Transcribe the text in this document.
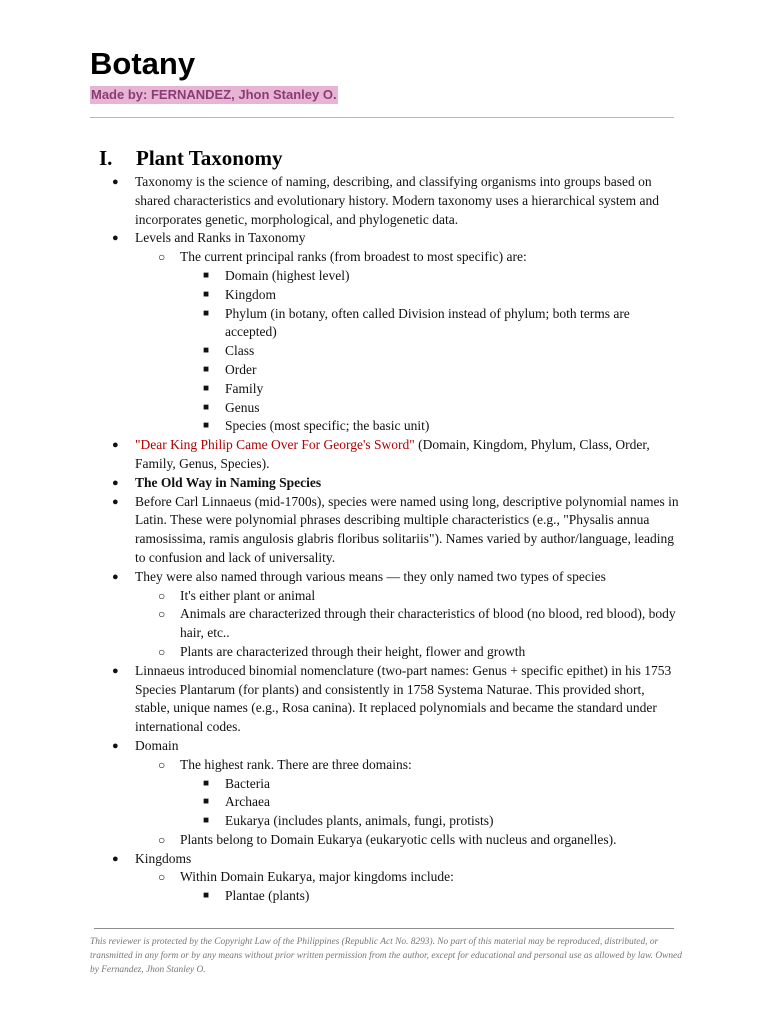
Botany
Made by: FERNANDEZ, Jhon Stanley O.
I. Plant Taxonomy
● Taxonomy is the science of naming, describing, and classifying organisms into groups based on shared characteristics and evolutionary history. Modern taxonomy uses a hierarchical system and incorporates genetic, morphological, and phylogenetic data.
● Levels and Ranks in Taxonomy
○ The current principal ranks (from broadest to most specific) are:
■ Domain (highest level)
■ Kingdom
■ Phylum (in botany, often called Division instead of phylum; both terms are accepted)
■ Class
■ Order
■ Family
■ Genus
■ Species (most specific; the basic unit)
● "Dear King Philip Came Over For George's Sword" (Domain, Kingdom, Phylum, Class, Order, Family, Genus, Species).
● The Old Way in Naming Species
● Before Carl Linnaeus (mid-1700s), species were named using long, descriptive polynomial names in Latin. These were polynomial phrases describing multiple characteristics (e.g., "Physalis annua ramosissima, ramis angulosis glabris floribus solitariis"). Names varied by author/language, leading to confusion and lack of universality.
● They were also named through various means — they only named two types of species
○ It's either plant or animal
○ Animals are characterized through their characteristics of blood (no blood, red blood), body hair, etc..
○ Plants are characterized through their height, flower and growth
● Linnaeus introduced binomial nomenclature (two-part names: Genus + specific epithet) in his 1753 Species Plantarum (for plants) and consistently in 1758 Systema Naturae. This provided short, stable, unique names (e.g., Rosa canina). It replaced polynomials and became the standard under international codes.
● Domain
○ The highest rank. There are three domains:
■ Bacteria
■ Archaea
■ Eukarya (includes plants, animals, fungi, protists)
○ Plants belong to Domain Eukarya (eukaryotic cells with nucleus and organelles).
● Kingdoms
○ Within Domain Eukarya, major kingdoms include:
■ Plantae (plants)
This reviewer is protected by the Copyright Law of the Philippines (Republic Act No. 8293). No part of this material may be reproduced, distributed, or transmitted in any form or by any means without prior written permission from the author, except for educational and personal use as allowed by law. Owned by Fernandez, Jhon Stanley O.
